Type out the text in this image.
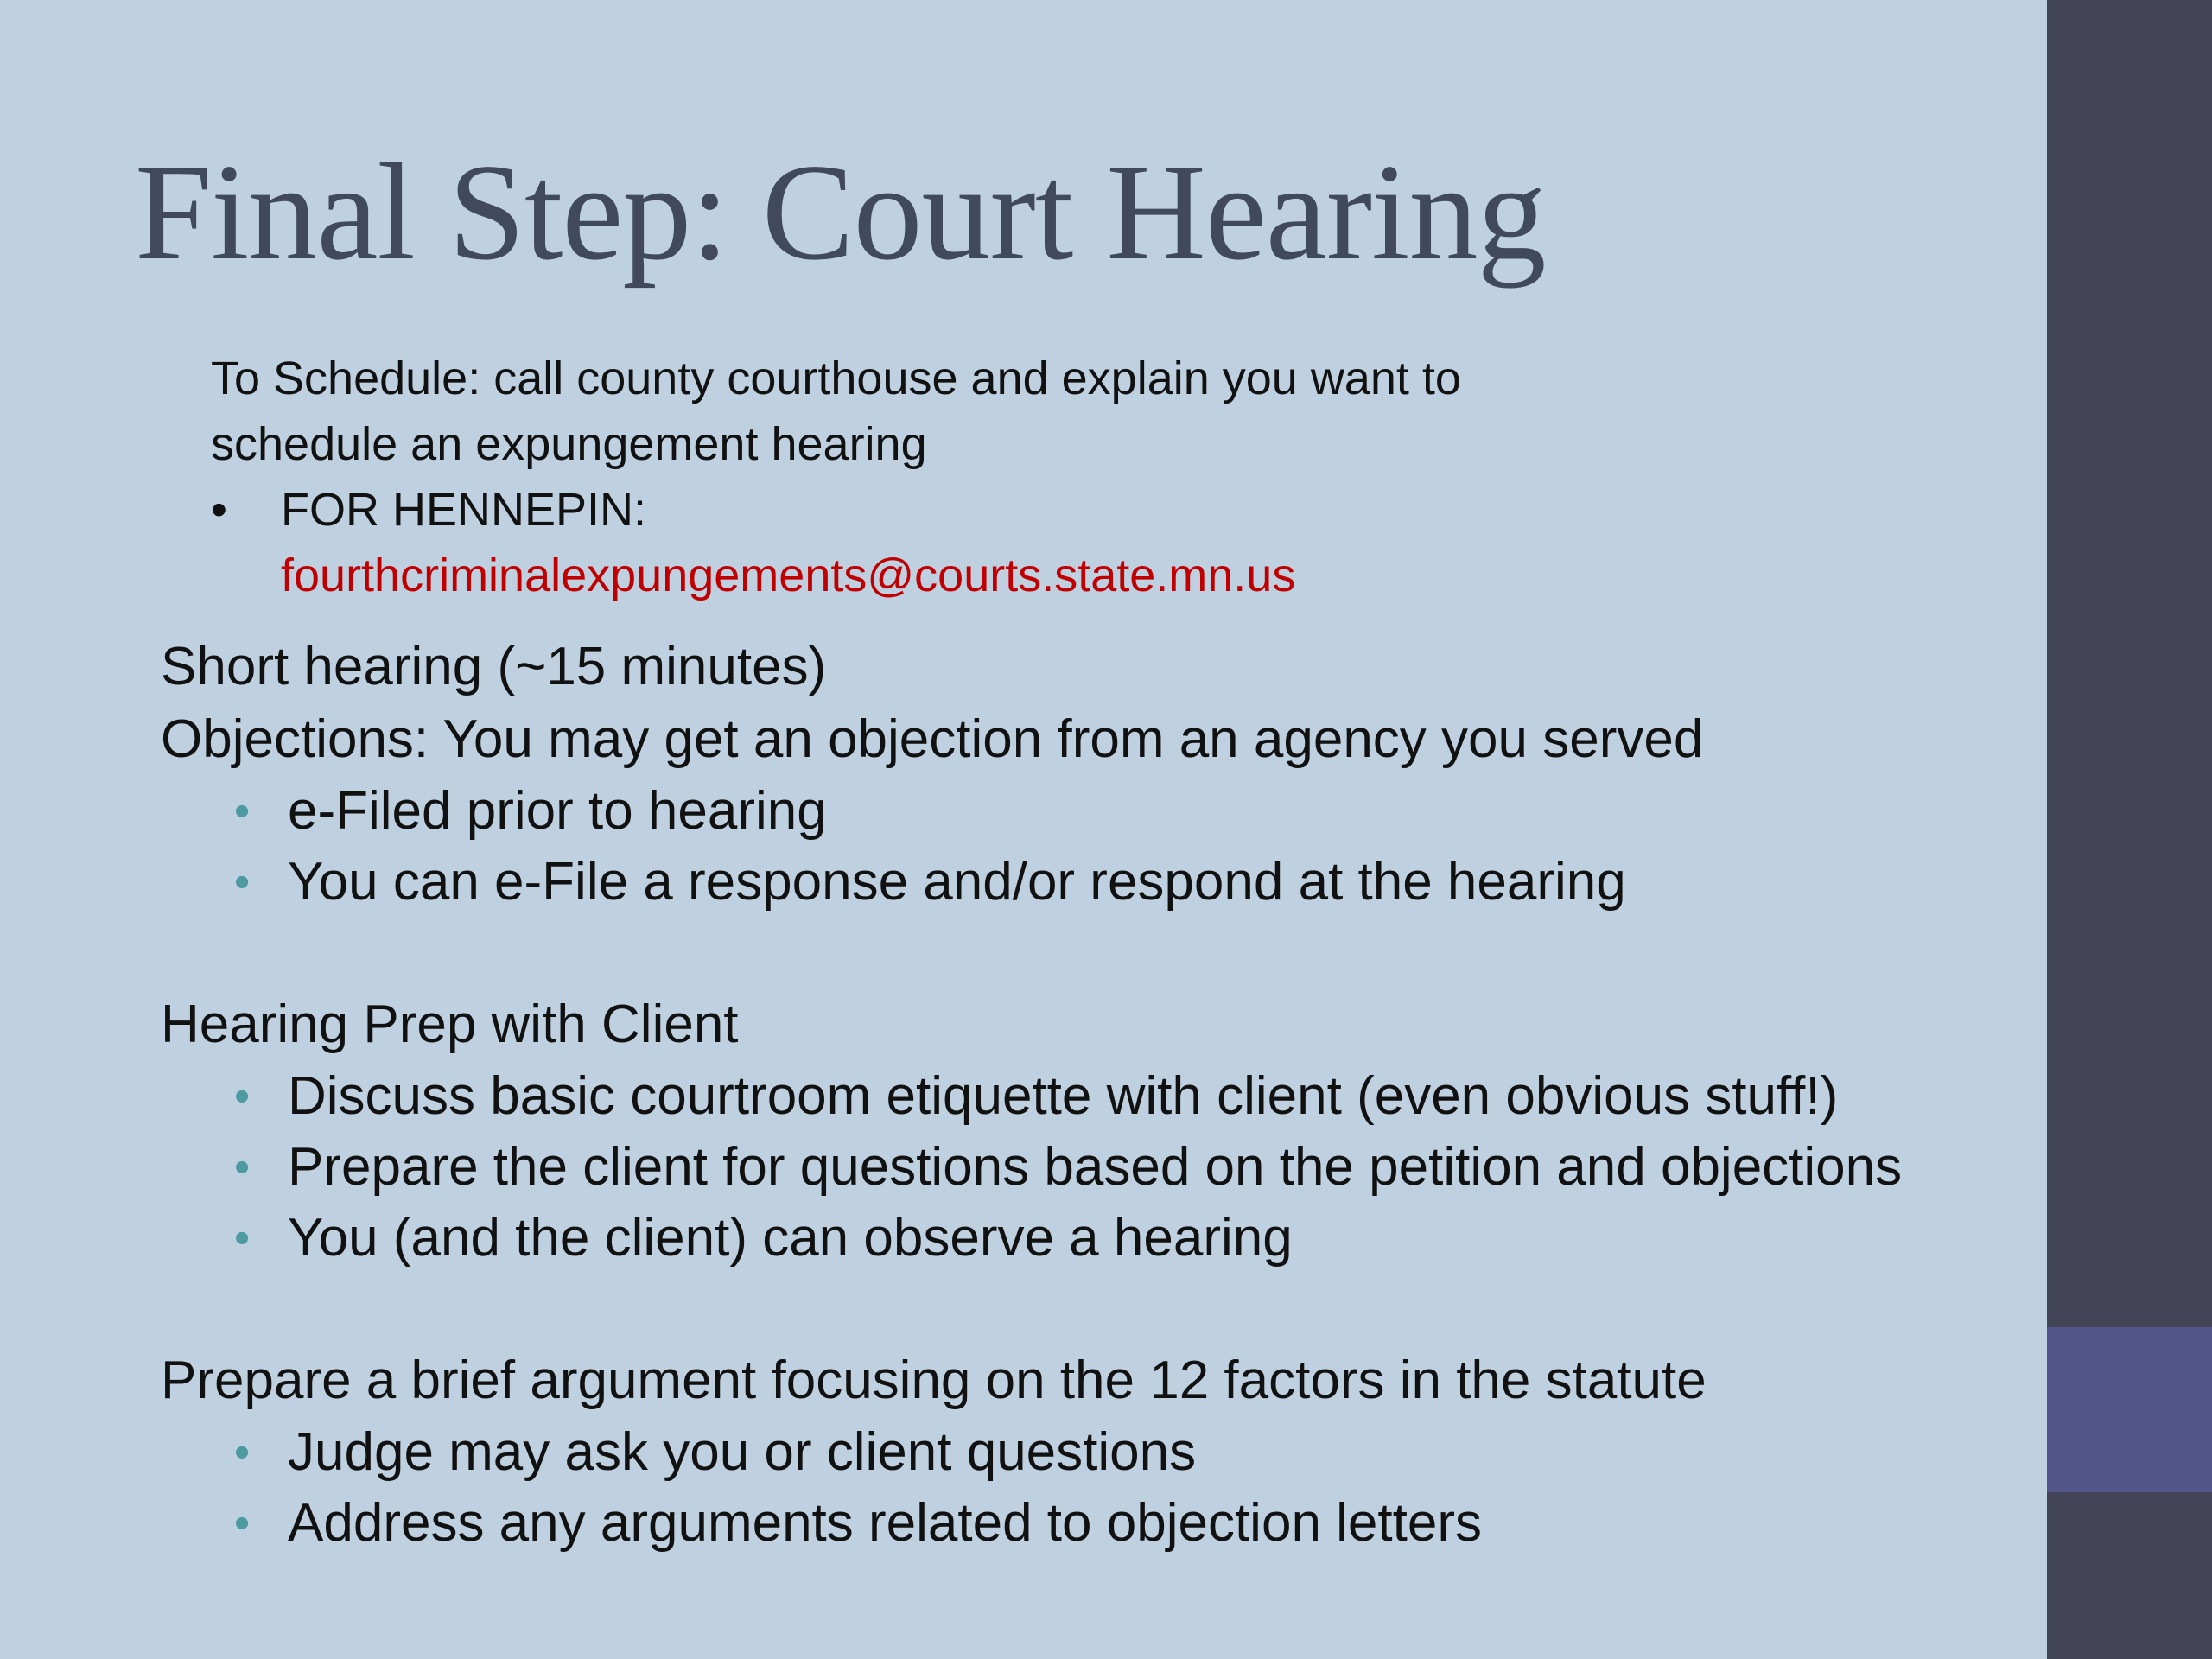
Final Step: Court Hearing
To Schedule: call county courthouse and explain you want to
schedule an expungement hearing
• FOR HENNEPIN:
fourthcriminalexpungements@courts.state.mn.us
Short hearing (~15 minutes)
Objections: You may get an objection from an agency you served
• e-Filed prior to hearing
• You can e-File a response and/or respond at the hearing
Hearing Prep with Client
• Discuss basic courtroom etiquette with client (even obvious stuff!)
• Prepare the client for questions based on the petition and objections
• You (and the client) can observe a hearing
Prepare a brief argument focusing on the 12 factors in the statute
• Judge may ask you or client questions
• Address any arguments related to objection letters
